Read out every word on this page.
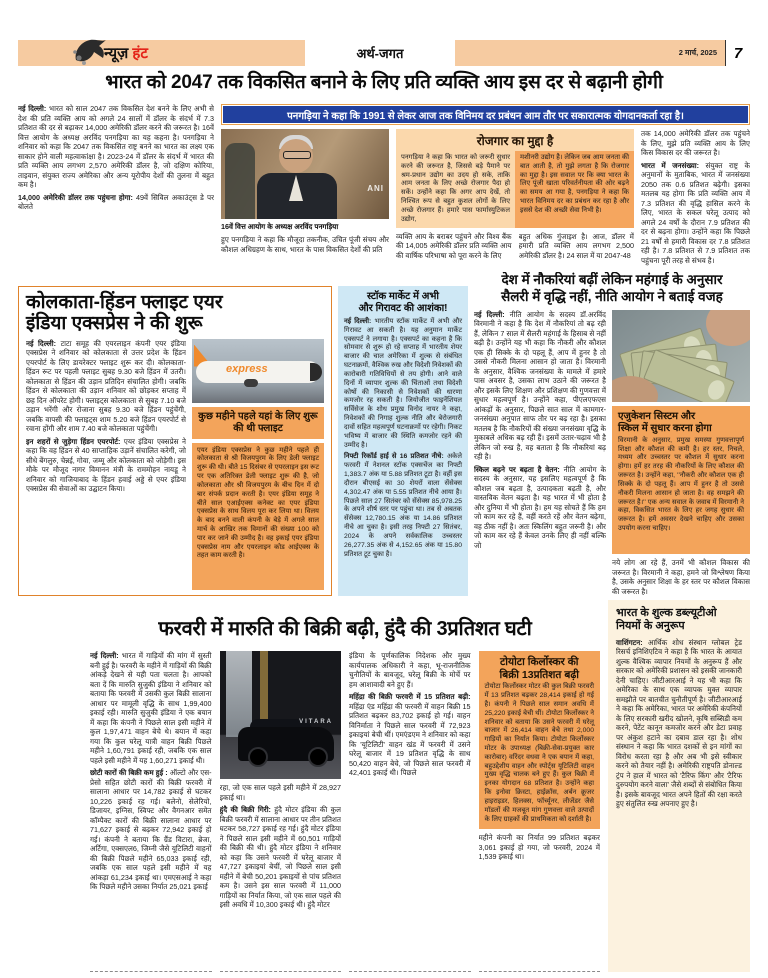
न्यूज़ हंट	अर्थ-जगत	2 मार्च, 2025 7
भारत को 2047 तक विकसित बनाने के लिए प्रति व्यक्ति आय इस दर से बढ़ानी होगी

नई दिल्ली: भारत को साल 2047 तक विकसित देश बनने के लिए अभी से देश की प्रति व्यक्ति आय को अगले 24 सालों में डॉलर के संदर्भ में 7.3 प्रतिशत की दर से बढ़ाकर 14,000 अमेरिकी डॉलर करने की जरूरत है। 16वें वित्त आयोग के अध्यक्ष अरविंद पनगड़िया का यह कहना है। पनगड़िया ने शनिवार को कहा कि 2047 तक विकसित राष्ट्र बनने का भारत का लक्ष्य एक साकार होने वाली महत्वाकांक्षा है। 2023-24 में डॉलर के संदर्भ में भारत की प्रति व्यक्ति आय लगभग 2,570 अमेरिकी डॉलर है, जो दक्षिण कोरिया, ताइवान, संयुक्त राज्य अमेरिका और अन्य यूरोपीय देशों की तुलना में बहुत कम है।

14,000 अमेरिकी डॉलर तक पहुंचना होगा: 49वें सिविल अकाउंट्स डे पर बोलते

पनगड़िया ने कहा कि 1991 से लेकर आज तक विनिमय दर प्रबंधन आम तौर पर सकारात्मक योगदानकर्ता रहा है।
ANI
16वें वित्त आयोग के अध्यक्ष अरविंद पनगड़िया
हुए पनगड़िया ने कहा कि मौजूदा तकनीक, उचित पूंजी संचय और कौशल अधिग्रहण के साथ, भारत के पास विकसित देशों की प्रति
रोजगार का मुद्दा है
पनगड़िया ने कहा कि भारत को जरूरी सुधार करने की जरूरत है, जिससे बड़े पैमाने पर श्रम-प्रधान उद्योग का उदय हो सके, ताकि आम जनता के लिए अच्छे रोजगार पैदा हो सकें। उन्होंने कहा कि अगर आप देखें, तो निश्चित रूप से बहुत कुशल लोगों के लिए अच्छे रोजगार हैं। हमारे पास फार्मास्युटिकल उद्योग,
मशीनरी उद्योग है। लेकिन जब आम जनता की बात आती है, तो मुझे लगता है कि रोजगार का मुद्दा है। इस सवाल पर कि क्या भारत के लिए पूंजी खाता परिवर्तनीयता की ओर बढ़ने का समय आ गया है, पनगड़िया ने कहा कि भारत विनिमय दर का प्रबंधन कर रहा है और इससे देश की अच्छी सेवा निभी है।
व्यक्ति आय के बराबर पहुंचने और विश्व बैंक की 14,005 अमेरिकी डॉलर प्रति व्यक्ति आय की वार्षिक परिभाषा को पूरा करने के लिए
बहुत अधिक गुंजाइश है। आज, डॉलर में हमारी प्रति व्यक्ति आय लगभग 2,500 अमेरिकी डॉलर है। 24 साल में या 2047-48

तक 14,000 अमेरिकी डॉलर तक पहुंचने के लिए, मुझे प्रति व्यक्ति आय के लिए किस विकास दर की जरूरत है।

भारत में जनसंख्या: संयुक्त राष्ट्र के अनुमानों के मुताबिक, भारत में जनसंख्या 2050 तक 0.6 प्रतिशत बढ़ेगी। इसका मतलब यह होगा कि प्रति व्यक्ति आय में 7.3 प्रतिशत की वृद्धि हासिल करने के लिए, भारत के सकल घरेलू उत्पाद को अगले 24 वर्षों के दौरान 7.9 प्रतिशत की दर से बढ़ना होगा। उन्होंने कहा कि पिछले 21 वर्षों से हमारी विकास दर 7.8 प्रतिशत रही है। 7.8 प्रतिशत से 7.9 प्रतिशत तक पहुंचना पूरी तरह से संभव है।

कोलकाता-हिंडन फ्लाइट एयर
इंडिया एक्सप्रेस ने की शुरू

नई दिल्ली: टाटा समूह की एयरलाइन कंपनी एयर इंडिया एक्सप्रेस ने शनिवार को कोलकाता से उत्तर प्रदेश के हिंडन एयरपोर्ट के लिए डायरेक्टर फ्लाइट शुरू कर दी। कोलकाता-हिंडन रूट पर पहली फ्लाइट सुबह 9.30 बजे हिंडन में उतरी। कोलकाता से हिंडन की उड़ान प्रतिदिन संचालित होगी। जबकि हिंडन से कोलकाता की उड़ान शनिवार को छोड़कर सप्ताह में छह दिन ऑपरेट होगी। फ्लाइट्स कोलकाता से सुबह 7.10 बजे उड़ान भरेंगी और रोजाना सुबह 9.30 बजे हिंडन पहुंचेंगी, जबकि वापसी की फ्लाइट्स शाम 5.20 बजे हिंडन एयरपोर्ट से रवाना होंगी और शाम 7.40 बजे कोलकाता पहुंचेंगी।

इन शहरों से जुड़ेगा हिंडन एयरपोर्ट: एयर इंडिया एक्सप्रेस ने कहा कि वह हिंडन से 40 साप्ताहिक उड़ानें संचालित करेगी, जो सीधे बेंगलुरु, चेन्नई, गोवा, जम्मू और कोलकाता को जोड़ेगी। इस मौके पर मौजूद नागर विमानन मंत्री के राममोहन नायडू ने शनिवार को गाजियाबाद के हिंडन हवाई अड्डे से एयर इंडिया एक्सप्रेस की सेवाओं का उद्घाटन किया।

express
कुछ महीने पहले यहां के लिए शुरू की थी फ्लाइट
एयर इंडिया एक्सप्रेस ने कुछ महीने पहले ही कोलकाता से श्री विजयपुरम के लिए डेली फ्लाइट शुरू की थी। बीते 15 दिसंबर से एयरलाइन इस रूट पर एक अतिरिक्त डेली फ्लाइट शुरू की है, जो कोलकाता और श्री विजयपुरम के बीच दिन में दो बार संपर्क प्रदान करती है। एयर इंडिया समूह ने बीते साल एआईएक्स कनेक्ट का एयर इंडिया एक्सप्रेस के साथ विलय पूरा कर लिया था। विलय के बाद बनने वाली कंपनी के बेड़े में अगले साल मार्च के आखिर तक विमानों की संख्या 100 को पार कर जाने की उम्मीद है। वह इकाई एयर इंडिया एक्सप्रेस नाम और एयरलाइन कोड आईएक्स के तहत काम करती है।
स्टॉक मार्केट में अभी
और गिरावट की आशंका!

नई दिल्ली: भारतीय स्टॉक मार्केट में अभी और गिरावट आ सकती है। यह अनुमान मार्केट एक्सपर्ट ने लगाया है। एक्सपर्ट का कहना है कि सोमवार से शुरू हो रहे सप्ताह में भारतीय शेयर बाजार की चाल अमेरिका में शुल्क से संबंधित घटनाक्रमों, वैश्विक रुख और विदेशी निवेशकों की कारोबारी गतिविधियों से तय होगी। आने वाले दिनों में व्यापार शुल्क की चिंताओं तथा विदेशी कोषों की निकासी से निवेशकों की धारणा कमजोर रह सकती है। जियोजीत फाइनेंशियल सर्विसेज के शोध प्रमुख विनोद नायर ने कहा, निवेशकों की निगाह शुल्क नीति और बेरोजगारी दावों सहित महत्वपूर्ण घटनाक्रमों पर रहेगी। निकट भविष्य में बाजार की स्थिति कमजोर रहने की उम्मीद है।

निफ्टी रिकॉर्ड हाई से 16 प्रतिशत नीचे: अकेले फरवरी में नेशनल स्टॉक एक्सचेंज का निफ्टी 1,383.7 अंक या 5.88 प्रतिशत टूटा है। वहीं इस दौरान बीएसई का 30 शेयरों वाला सेंसेक्स 4,302.47 अंक या 5.55 प्रतिशत नीचे आया है। पिछले साल 27 सितंबर को सेंसेक्स 85,978.25 के अपने शीर्ष स्तर पर पहुंचा था। तब से अबतक सेंसेक्स 12,780.15 अंक या 14.86 प्रतिशत नीचे आ चुका है। इसी तरह निफ्टी 27 सितंबर, 2024 के अपने सर्वकालिक उच्चस्तर 26,277.35 अंक से 4,152.65 अंक या 15.80 प्रतिशत टूट चुका है।

देश में नौकरियां बढ़ीं लेकिन महंगाई के अनुसार
सैलरी में वृद्धि नहीं, नीति आयोग ने बताई वजह

नई दिल्ली: नीति आयोग के सदस्य डॉ.अरविंद विरमानी ने कहा है कि देश में नौकरियां तो बढ़ रही हैं, लेकिन 7 साल में सैलरी महंगाई के हिसाब से नहीं बढ़ी है। उन्होंने यह भी कहा कि नौकरी और कौशल एक ही सिक्के के दो पहलू हैं, आप में हुनर है तो उससे नौकरी मिलना आसान हो जाता है। विरमानी के अनुसार, वैश्विक जनसंख्या के मामले में हमारे पास अवसर है, उसका लाभ उठाने की जरूरत है और इसके लिए शिक्षण और प्रशिक्षण की गुणवत्ता में सुधार महत्वपूर्ण है। उन्होंने कहा, पीएलएफएस आंकड़ों के अनुसार, पिछले सात साल में कामगार-जनसंख्या अनुपात साफ तौर पर बढ़ रहा है। इसका मतलब है कि नौकरियों की संख्या जनसंख्या वृद्धि के मुकाबले अधिक बढ़ रही हैं। इसमें उतार-चढ़ाव भी है लेकिन जो रुख है, वह बताता है कि नौकरियां बढ़ रही है।

स्किल बढ़ने पर बढ़ता है वेतन: नीति आयोग के सदस्य के अनुसार, यह इसलिए महत्वपूर्ण है कि कौशल जब बढ़ता है, उत्पादकता बढ़ती है, और वास्तविक वेतन बढ़ता है। यह भारत में भी होता है और दुनिया में भी होता है। हम यह सोचते हैं कि हम जो काम कर रहे हैं, वहीं करते रहें और वेतन बढ़ेगा, वह ठीक नहीं है। अतः स्किलिंग बहुत जरूरी है। और जो काम कर रहे हैं केवल उनके लिए ही नहीं बल्कि जो

एजुकेशन सिस्टम और
स्किल में सुधार करना होगा
विरमानी के अनुसार, प्रमुख समस्या गुणवत्तापूर्ण शिक्षा और कौशल की कमी है। हर स्तर, निचले, मध्यम और उच्चस्तर पर कौशल में सुधार करना होगा। हमें हर तरह की नौकरियों के लिए कौशल की जरूरत है। उन्होंने कहा, ''नौकरी और कौशल एक ही सिक्के के दो पहलू हैं। आप में हुनर है तो उससे नौकरी मिलना आसान हो जाता है। वह समझने की जरूरत है।'' एक अन्य सवाल के जवाब में विरमानी ने कहा, विकसित भारत के लिए हर जगह सुधार की जरूरत है। हमें अवसर देखने चाहिए और उसका उपयोग करना चाहिए।
नये लोग आ रहे हैं, उनमें भी कौशल विकास की जरूरत है। विरमानी ने कहा, हमने जो विश्लेषण किया है, उसके अनुसार शिक्षा के हर स्तर पर कौशल विकास की जरूरत है।
फरवरी में मारुति की बिक्री बढ़ी, हुंदै की 3प्रतिशत घटी

नई दिल्ली: भारत में गाड़ियों की मांग में सुस्ती बनी हुई है। फरवरी के महीने में गाड़ियों की बिक्री आंकड़े देखने से यही पता चलता है। आपको बता दें कि मारुति सुजुकी इंडिया ने शनिवार को बताया कि फरवरी में उसकी कुल बिक्री सालाना आधार पर मामूली वृद्धि के साथ 1,99,400 इकाई रही। मारुति सुजुकी इंडिया ने एक बयान में कहा कि कंपनी ने पिछले साल इसी महीने में कुल 1,97,471 वाहन बेचे थे। बयान में कहा गया कि कुल घरेलू यात्री वाहन बिक्री पिछले महीने 1,60,791 इकाई रही, जबकि एक साल पहले इसी महीने में यह 1,60,271 इकाई थी।

छोटी कारों की बिक्री कम हुई : ऑल्टो और एस-प्रेसो सहित छोटी कारों की बिक्री फरवरी में सालाना आधार पर 14,782 इकाई से घटकर 10,226 इकाई रह गई। बलेनो, सेलेरियो, डिजायर, इग्निस, स्विफ्ट और वैगनआर समेत कॉम्पैक्ट कारों की बिक्री सालाना आधार पर 71,627 इकाई से बढ़कर 72,942 इकाई हो गई। कंपनी ने बताया कि ग्रैंड विटारा, ब्रेजा, अर्टिगा, एक्सएल6, जिम्नी जैसे यूटिलिटी वाहनों की बिक्री पिछले महीने 65,033 इकाई रही, जबकि एक साल पहले इसी महीने में यह आंकड़ा 61,234 इकाई था। एमएसआई ने कहा कि पिछले महीने उसका निर्यात 25,021 इकाई

VITARA

रहा, जो एक साल पहले इसी महीने में 28,927 इकाई था।

हुंदै की बिक्री गिरी: हुंदै मोटर इंडिया की कुल बिक्री फरवरी में सालाना आधार पर तीन प्रतिशत घटकर 58,727 इकाई रह गई। हुंदै मोटर इंडिया ने पिछले साल इसी महीने में 60,501 गाड़ियों की बिक्री की थी। हुंदै मोटर इंडिया ने शनिवार को कहा कि उसने फरवरी में घरेलू बाजार में 47,727 इकाइयां बेचीं, जो पिछले साल इसी महीने में बेची 50,201 इकाइयों से पांच प्रतिशत कम है। उसने इस साल फरवरी में 11,000 गाड़ियों का निर्यात किया, जो एक साल पहले की इसी अवधि में 10,300 इकाई थी। हुंदै मोटर

इंडिया के पूर्णकालिक निदेशक और मुख्य कार्यपालक अधिकारी ने कहा, भू-राजनीतिक चुनौतियों के बावजूद, घरेलू बिक्री के मोर्चे पर हम आशावादी बने हुए हैं।

महिंद्रा की बिक्री फरवरी में 15 प्रतिशत बढ़ी: महिंद्रा एंड महिंद्रा की फरवरी में वाहन बिक्री 15 प्रतिशत बढ़कर 83,702 इकाई हो गई। वाहन विनिर्माता ने पिछले साल फरवरी में 72,923 इकाइयां बेची थीं। एमएंडएम ने शनिवार को कहा कि 'यूटिलिटी' वाहन खंड में फरवरी में उसने घरेलू बाजार में 19 प्रतिशत वृद्धि के साथ 50,420 वाहन बेचे, जो पिछले साल फरवरी में 42,401 इकाई थी। पिछले

टोयोटा किर्लोस्कर की
बिक्री 13प्रतिशत बढ़ी
टोयोटा किर्लोस्कर मोटर की कुल बिक्री फरवरी में 13 प्रतिशत बढ़कर 28,414 इकाई हो गई है। कंपनी ने पिछले साल समान अवधि में 25,220 इकाई बेची थीं। टोयोटा किर्लोस्कर ने शनिवार को बताया कि उसने फरवरी में घरेलू बाजार में 26,414 वाहन बेचे तथा 2,000 गाड़ियों का निर्यात किया। टोयोटा किर्लोस्कर मोटर के उपाध्यक्ष (बिक्री-सेवा-प्रयुक्त कार कारोबार) वरिंदर वधवा ने एक बयान में कहा, बहुउद्देशीय वाहन और स्पोर्ट्स यूटिलिटी वाहन मुख्य वृद्धि चालक बने हुए हैं। कुल बिक्री में इनका योगदान 68 प्रतिशत है। उन्होंने कहा कि इनोवा क्रिस्टा, हाईक्रॉस, अर्बन क्रूजर हाइराइडर, हिलक्स, फॉर्च्यूनर, लीजेंडर जैसे मॉडलों की मजबूत मांग गुणवत्ता वाले उत्पादों के लिए ग्राहकों की प्राथमिकता को दर्शाती है।
महीने कंपनी का निर्यात 99 प्रतिशत बढ़कर 3,061 इकाई हो गया, जो फरवरी, 2024 में 1,539 इकाई था।
भारत के शुल्क डब्ल्यूटीओ
नियमों के अनुरूप

वाशिंगटन: आर्थिक शोध संस्थान ग्लोबल ट्रेड रिसर्च इनिशिएटिव ने कहा है कि भारत के आयात शुल्क वैश्विक व्यापार नियमों के अनुरूप हैं और सरकार को अमेरिकी प्रशासन को इसकी जानकारी देनी चाहिए। जीटीआरआई ने यह भी कहा कि अमेरिका के साथ एक व्यापक मुक्त व्यापार समझौते पर बातचीत चुनौतीपूर्ण है। जीटीआरआई ने कहा कि अमेरिका, भारत पर अमेरिकी कंपनियों के लिए सरकारी खरीद खोलने, कृषि सब्सिडी कम करने, पेटेंट कानून कमजोर करने और डेटा प्रवाह पर अंकुश हटाने का दबाव डाल रहा है। शोध संस्थान ने कहा कि भारत दशकों से इन मांगों का विरोध करता रहा है और अब भी इसे स्वीकार करने को तैयार नहीं है। अमेरिकी राष्ट्रपति डोनाल्ड ट्रंप ने हाल में भारत को 'टैरिफ किंग' और 'टैरिफ दुरुपयोग करने वाला' जैसे शब्दों से संबोधित किया है। इसके बावजूद भारत अपने हितों की रक्षा करते हुए संतुलित रुख अपनाए हुए है।
